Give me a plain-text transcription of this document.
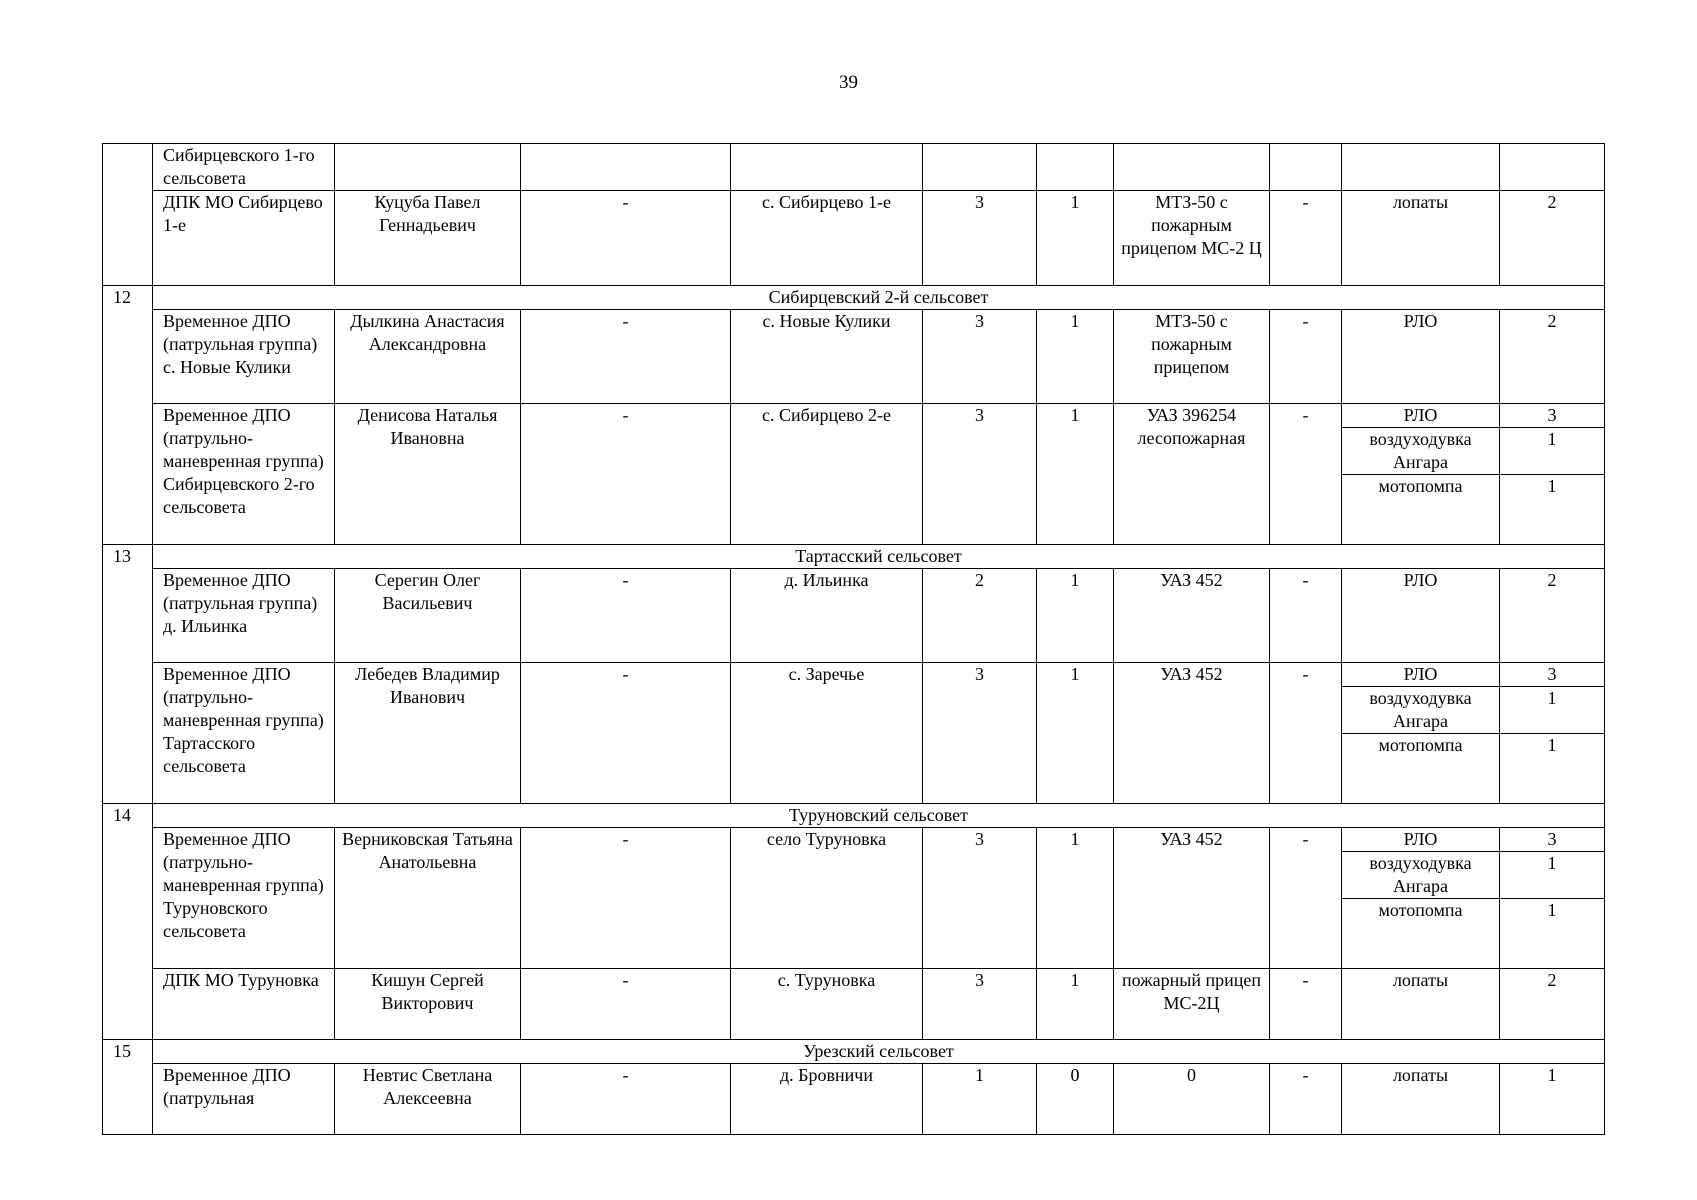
39
	Сибирцевского 1-го сельсовета									
	ДПК МО Сибирцево 1-е	Куцуба Павел Геннадьевич	-	с. Сибирцево 1-е	3	1	МТЗ-50 с пожарным прицепом МС-2 Ц	-	лопаты	2
12	Сибирцевский 2-й сельсовет									
	Временное ДПО (патрульная группа) с. Новые Кулики	Дылкина Анастасия Александровна	-	с. Новые Кулики	3	1	МТЗ-50 с пожарным прицепом	-	РЛО	2
	Временное ДПО (патрульно-маневренная группа) Сибирцевского 2-го сельсовета	Денисова Наталья Ивановна	-	с. Сибирцево 2-е	3	1	УАЗ 396254 лесопожарная	-	РЛО	3
									воздуходувка Ангара	1
									мотопомпа	1
13	Тартасский сельсовет									
	Временное ДПО (патрульная группа) д. Ильинка	Серегин Олег Васильевич	-	д. Ильинка	2	1	УАЗ 452	-	РЛО	2
	Временное ДПО (патрульно-маневренная группа) Тартасского сельсовета	Лебедев Владимир Иванович	-	с. Заречье	3	1	УАЗ 452	-	РЛО	3
									воздуходувка Ангара	1
									мотопомпа	1
14	Туруновский сельсовет									
	Временное ДПО (патрульно-маневренная группа) Туруновского сельсовета	Верниковская Татьяна Анатольевна	-	село Туруновка	3	1	УАЗ 452	-	РЛО	3
									воздуходувка Ангара	1
									мотопомпа	1
	ДПК МО Туруновка	Кишун Сергей Викторович	-	с. Туруновка	3	1	пожарный прицеп МС-2Ц	-	лопаты	2
15	Урезский сельсовет									
	Временное ДПО (патрульная	Невтис Светлана Алексеевна	-	д. Бровничи	1	0	0	-	лопаты	1
